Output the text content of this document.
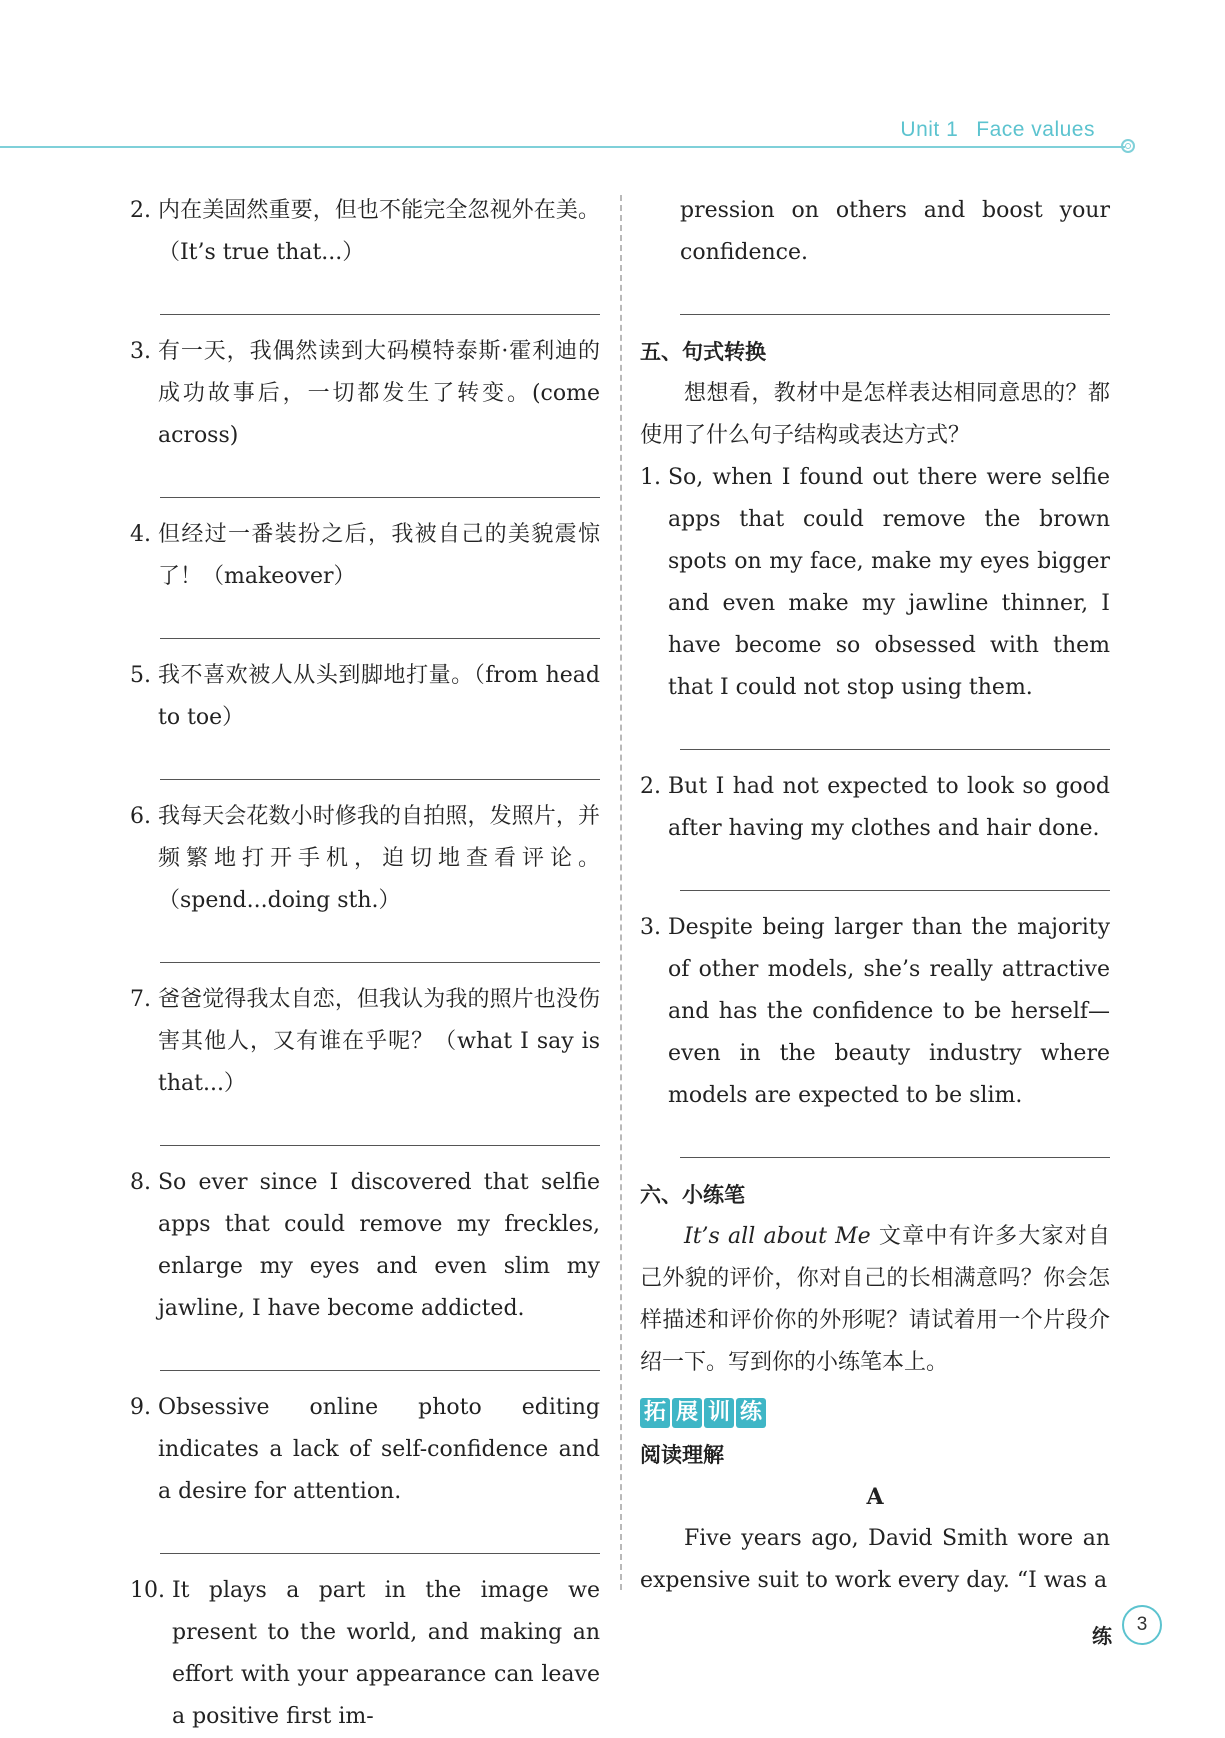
Unit 1 Face values
2. 内在美固然重要，但也不能完全忽视外在美。（It’s true that...）
3. 有一天，我偶然读到大码模特泰斯·霍利迪的成功故事后，一切都发生了转变。(come across)
4. 但经过一番装扮之后，我被自己的美貌震惊了！（makeover）
5. 我不喜欢被人从头到脚地打量。（from head to toe）
6. 我每天会花数小时修我的自拍照，发照片，并频繁地打开手机，迫切地查看评论。（spend...doing sth.）
7. 爸爸觉得我太自恋，但我认为我的照片也没伤害其他人，又有谁在乎呢？（what I say is that...）
8. So ever since I discovered that selfie apps that could remove my freckles, enlarge my eyes and even slim my jawline, I have become addicted.
9. Obsessive online photo editing indicates a lack of self-confidence and a desire for attention.
10. It plays a part in the image we present to the world, and making an effort with your appearance can leave a positive first im-
pression on others and boost your confidence.
五、句式转换
想想看，教材中是怎样表达相同意思的？都使用了什么句子结构或表达方式？
1. So, when I found out there were selfie apps that could remove the brown spots on my face, make my eyes bigger and even make my jawline thinner, I have become so obsessed with them that I could not stop using them.
2. But I had not expected to look so good after having my clothes and hair done.
3. Despite being larger than the majority of other models, she’s really attractive and has the confidence to be herself—even in the beauty industry where models are expected to be slim.
六、小练笔
It’s all about Me 文章中有许多大家对自己外貌的评价，你对自己的长相满意吗？你会怎样描述和评价你的外形呢？请试着用一个片段介绍一下。写到你的小练笔本上。
拓 展 训 练
阅读理解
A
Five years ago, David Smith wore an expensive suit to work every day. “I was a
练	3
